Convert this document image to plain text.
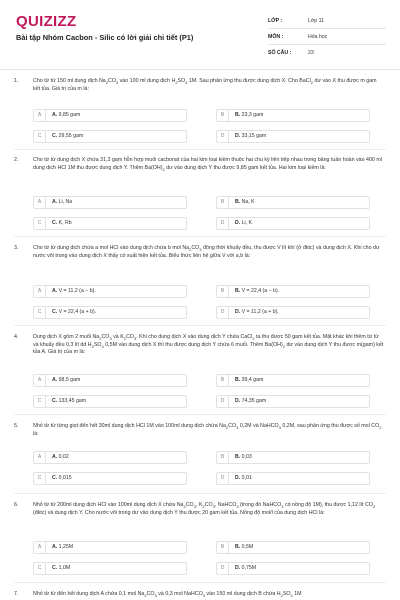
QUIZIZZ
Bài tập Nhóm Cacbon - Silic có lời giải chi tiết (P1)
LỚP :	Lớp 11
MÔN :	Hóa học
SỐ CÂU :	23
1.	Cho từ từ 150 ml dung dịch $Na_2CO_3$ vào 100 ml dung dịch $H_2SO_4$ 1M. Sau phản ứng thu được dung dịch X. Cho BaCl$_2$ dư vào X thu được m gam kết tủa. Giá trị của m là:
A	A. 9,85 gam	B	B. 23,3 gam
C	C. 29,55 gam	D	D. 33,15 gam
2.	Cho từ từ dung dịch X chứa 31,3 gam hỗn hợp muối cacbonat của hai kim loại kiềm thuộc hai chu kỳ liên tiếp nhau trong bảng tuần hoàn vào 400 ml dung dịch HCl 1M thu được dung dịch Y. Thêm $Ba(OH)_2$ dư vào dung dịch Y thu được 9,85 gam kết tủa. Hai kim loại kiềm là:
A	A. Li, Na	B	B. Na, K
C	C. K, Rb	D	D. Li, K
3.	Cho từ từ dung dịch chứa a mol HCl vào dung dịch chứa b mol $Na_2CO_3$ đồng thời khuấy đều, thu được V lít khí (ở đktc) và dung dịch X. Khi cho dư nước vôi trong vào dung dịch X thấy có xuất hiện kết tủa. Biểu thức liên hệ giữa V với a,b là:
A	A. V = 11,2 (a − b).	B	B. V = 22,4 (a − b).
C	C. V = 22,4 (a + b).	D	D. V = 11,2 (a + b).
4.	Dung dịch X gồm 2 muối $Na_2CO_3$ và $K_2CO_3$. Khi cho dung dịch X vào dung dịch Y chứa CaCl$_2$ ta thu được 50 gam kết tủa. Mặt khác khi thêm từ từ và khuấy đều 0,3 lít dd $H_2SO_4$ 0,5M vào dung dịch X thì thu được dung dịch Y chứa 6 muối. Thêm $Ba(OH)_2$ dư vào dung dịch Y thu được m(gam) kết tủa A. Giá trị của m là:
A	A. 98,5 gam	B	B. 39,4 gam
C	C. 133,45 gam	D	D. 74,35 gam
5.	Nhỏ từ từ từng giọt đến hết 30ml dung dịch HCl 1M vào 100ml dung dịch chứa $Na_2CO_3$ 0,2M và NaHCO$_3$ 0,2M, sau phản ứng thu được số mol $CO_2$ là:
A	A. 0,02	B	B. 0,03
C	C. 0,015	D	D. 0,01
6.	Nhỏ từ từ 200ml dung dịch HCl vào 100ml dung dịch X chứa $Na_2CO_3$, $K_2CO_3$, NaHCO$_3$ (trong đó NaHCO$_3$ có nồng độ 1M), thu được 1,12 lít $CO_2$ (đktc) và dung dịch Y. Cho nước vôi trong dư vào dung dịch Y thu được 20 gam kết tủa. Nồng độ mol/l của dung dịch HCl là:
A	A. 1,25M	B	B. 0,5M
C	C. 1,0M	D	D. 0,75M
7.	Nhỏ từ từ đến hết dung dịch A chứa 0,1 mol $Na_2CO_3$ và 0,3 mol NaHCO$_3$ vào 150 ml dung dịch B chứa $H_2SO_4$ 1M
